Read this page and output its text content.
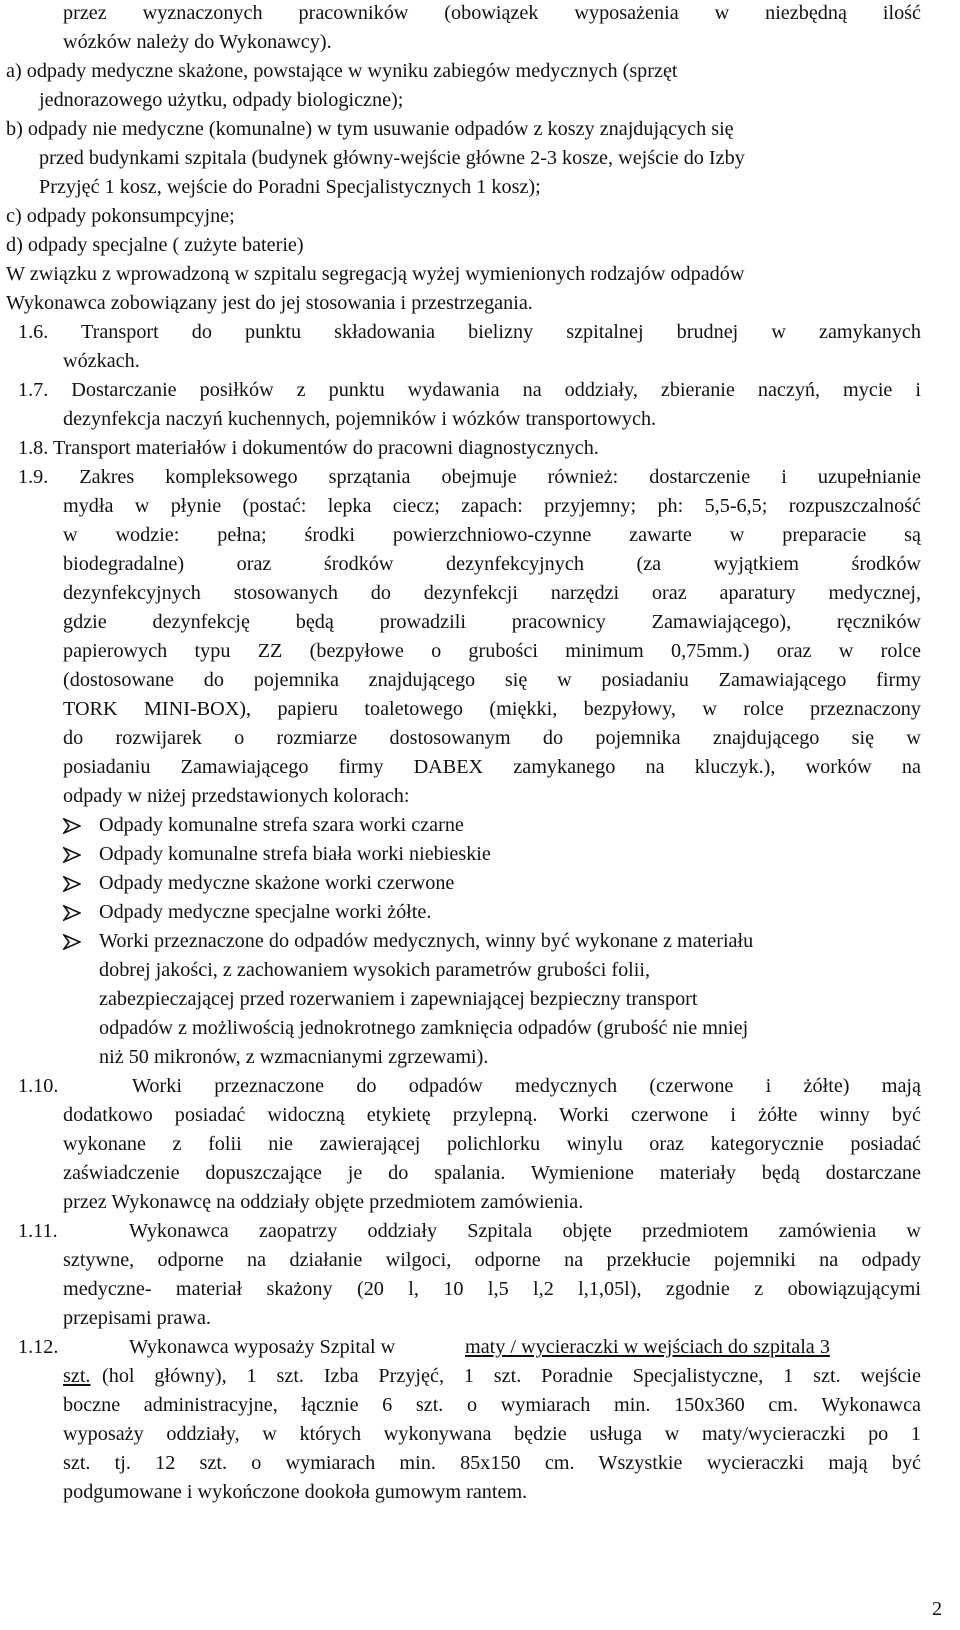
przez wyznaczonych pracowników (obowiązek wyposażenia w niezbędną ilość
wózków należy do Wykonawcy).
a) odpady medyczne skażone, powstające w wyniku zabiegów medycznych (sprzęt
jednorazowego użytku, odpady biologiczne);
b) odpady nie medyczne (komunalne) w tym usuwanie odpadów z koszy znajdujących się
przed budynkami szpitala (budynek główny-wejście główne 2-3 kosze, wejście do Izby
Przyjęć 1 kosz, wejście do Poradni Specjalistycznych 1 kosz);
c) odpady pokonsumpcyjne;
d) odpady specjalne ( zużyte baterie)
W związku z wprowadzoną w szpitalu segregacją wyżej wymienionych rodzajów odpadów
Wykonawca zobowiązany jest do jej stosowania i przestrzegania.
1.6. Transport do punktu składowania bielizny szpitalnej brudnej w zamykanych
wózkach.
1.7. Dostarczanie posiłków z punktu wydawania na oddziały, zbieranie naczyń, mycie i
dezynfekcja naczyń kuchennych, pojemników i wózków transportowych.
1.8. Transport materiałów i dokumentów do pracowni diagnostycznych.
1.9. Zakres kompleksowego sprzątania obejmuje również: dostarczenie i uzupełnianie
mydła w płynie (postać: lepka ciecz; zapach: przyjemny; ph: 5,5-6,5; rozpuszczalność
w wodzie: pełna; środki powierzchniowo-czynne zawarte w preparacie są
biodegradalne) oraz środków dezynfekcyjnych (za wyjątkiem środków
dezynfekcyjnych stosowanych do dezynfekcji narzędzi oraz aparatury medycznej,
gdzie dezynfekcję będą prowadzili pracownicy Zamawiającego), ręczników
papierowych typu ZZ (bezpyłowe o grubości minimum 0,75mm.) oraz w rolce
(dostosowane do pojemnika znajdującego się w posiadaniu Zamawiającego firmy
TORK MINI-BOX), papieru toaletowego (miękki, bezpyłowy, w rolce przeznaczony
do rozwijarek o rozmiarze dostosowanym do pojemnika znajdującego się w
posiadaniu Zamawiającego firmy DABEX zamykanego na kluczyk.), worków na
odpady w niżej przedstawionych kolorach:
Odpady komunalne strefa szara worki czarne
Odpady komunalne strefa biała worki niebieskie
Odpady medyczne skażone worki czerwone
Odpady medyczne specjalne worki żółte.
Worki przeznaczone do odpadów medycznych, winny być wykonane z materiału
dobrej jakości, z zachowaniem wysokich parametrów grubości folii,
zabezpieczającej przed rozerwaniem i zapewniającej bezpieczny transport
odpadów z możliwością jednokrotnego zamknięcia odpadów (grubość nie mniej
niż 50 mikronów, z wzmacnianymi zgrzewami).
1.10.	Worki przeznaczone do odpadów medycznych (czerwone i żółte) mają
dodatkowo posiadać widoczną etykietę przylepną. Worki czerwone i żółte winny być
wykonane z folii nie zawierającej polichlorku winylu oraz kategorycznie posiadać
zaświadczenie dopuszczające je do spalania. Wymienione materiały będą dostarczane
przez Wykonawcę na oddziały objęte przedmiotem zamówienia.
1.11.	Wykonawca zaopatrzy oddziały Szpitala objęte przedmiotem zamówienia w
sztywne, odporne na działanie wilgoci, odporne na przekłucie pojemniki na odpady
medyczne- materiał skażony (20 l, 10 l,5 l,2 l,1,05l), zgodnie z obowiązującymi
przepisami prawa.
1.12.	Wykonawca wyposaży Szpital w	maty / wycieraczki w wejściach do szpitala 3
szt. (hol główny), 1 szt. Izba Przyjęć, 1 szt. Poradnie Specjalistyczne, 1 szt. wejście
boczne administracyjne, łącznie 6 szt. o wymiarach min. 150x360 cm. Wykonawca
wyposaży oddziały, w których wykonywana będzie usługa w maty/wycieraczki po 1
szt. tj. 12 szt. o wymiarach min. 85x150 cm. Wszystkie wycieraczki mają być
podgumowane i wykończone dookoła gumowym rantem.
2
